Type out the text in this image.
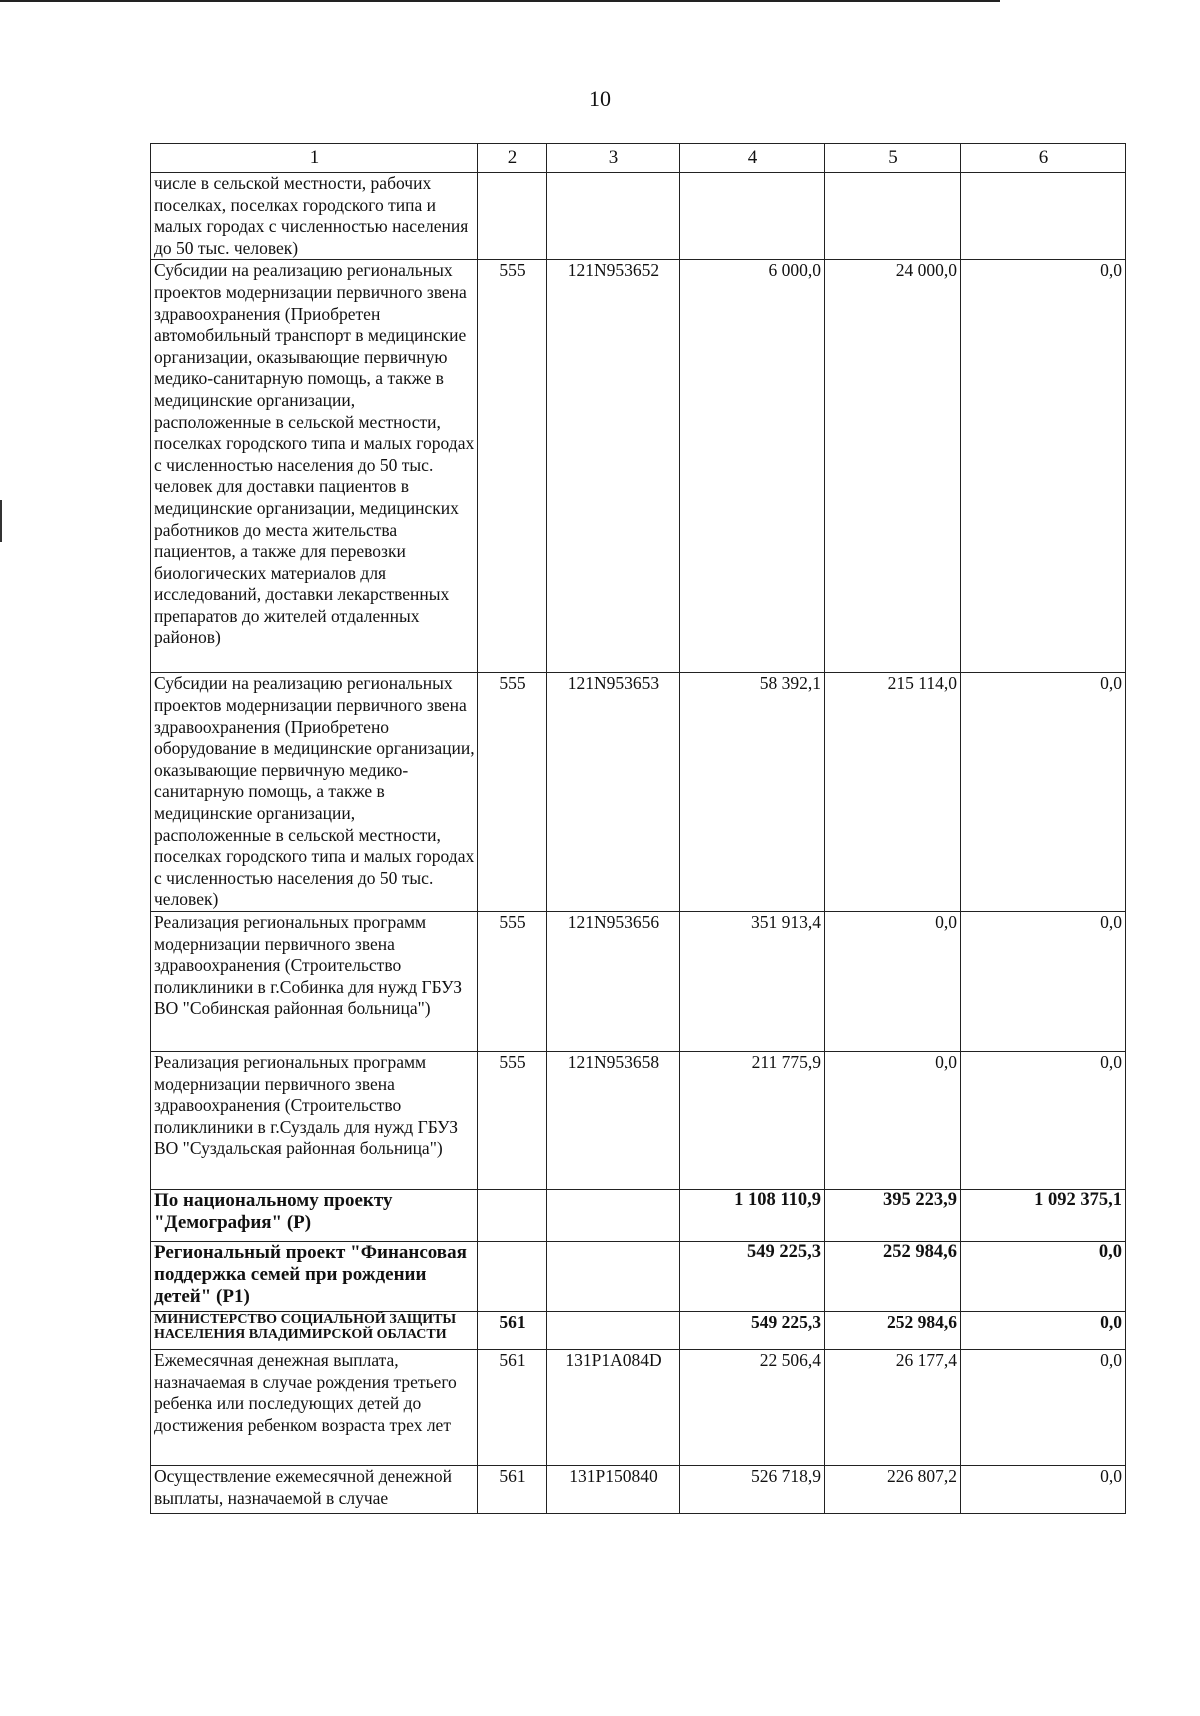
10
1	2	3	4	5	6
числе в сельской местности, рабочих поселках, поселках городского типа и малых городах с численностью населения до 50 тыс. человек)					
Субсидии на реализацию региональных проектов модернизации первичного звена здравоохранения (Приобретен автомобильный транспорт в медицинские организации, оказывающие первичную медико-санитарную помощь, а также в медицинские организации, расположенные в сельской местности, поселках городского типа и малых городах с численностью населения до 50 тыс. человек для доставки пациентов в медицинские организации, медицинских работников до места жительства пациентов, а также для перевозки биологических материалов для исследований, доставки лекарственных препаратов до жителей отдаленных районов)	555	121N953652	6 000,0	24 000,0	0,0
Субсидии на реализацию региональных проектов модернизации первичного звена здравоохранения (Приобретено оборудование в медицинские организации, оказывающие первичную медико-санитарную помощь, а также в медицинские организации, расположенные в сельской местности, поселках городского типа и малых городах с численностью населения до 50 тыс. человек)	555	121N953653	58 392,1	215 114,0	0,0
Реализация региональных программ модернизации первичного звена здравоохранения (Строительство поликлиники в г.Собинка для нужд ГБУЗ ВО "Собинская районная больница")	555	121N953656	351 913,4	0,0	0,0
Реализация региональных программ модернизации первичного звена здравоохранения (Строительство поликлиники в г.Суздаль для нужд ГБУЗ ВО "Суздальская районная больница")	555	121N953658	211 775,9	0,0	0,0
По национальному проекту "Демография" (Р)			1 108 110,9	395 223,9	1 092 375,1
Региональный проект "Финансовая поддержка семей при рождении детей" (Р1)			549 225,3	252 984,6	0,0
МИНИСТЕРСТВО СОЦИАЛЬНОЙ ЗАЩИТЫ НАСЕЛЕНИЯ ВЛАДИМИРСКОЙ ОБЛАСТИ	561		549 225,3	252 984,6	0,0
Ежемесячная денежная выплата, назначаемая в случае рождения третьего ребенка или последующих детей до достижения ребенком возраста трех лет	561	131P1A084D	22 506,4	26 177,4	0,0
Осуществление ежемесячной денежной выплаты, назначаемой в случае	561	131P150840	526 718,9	226 807,2	0,0
